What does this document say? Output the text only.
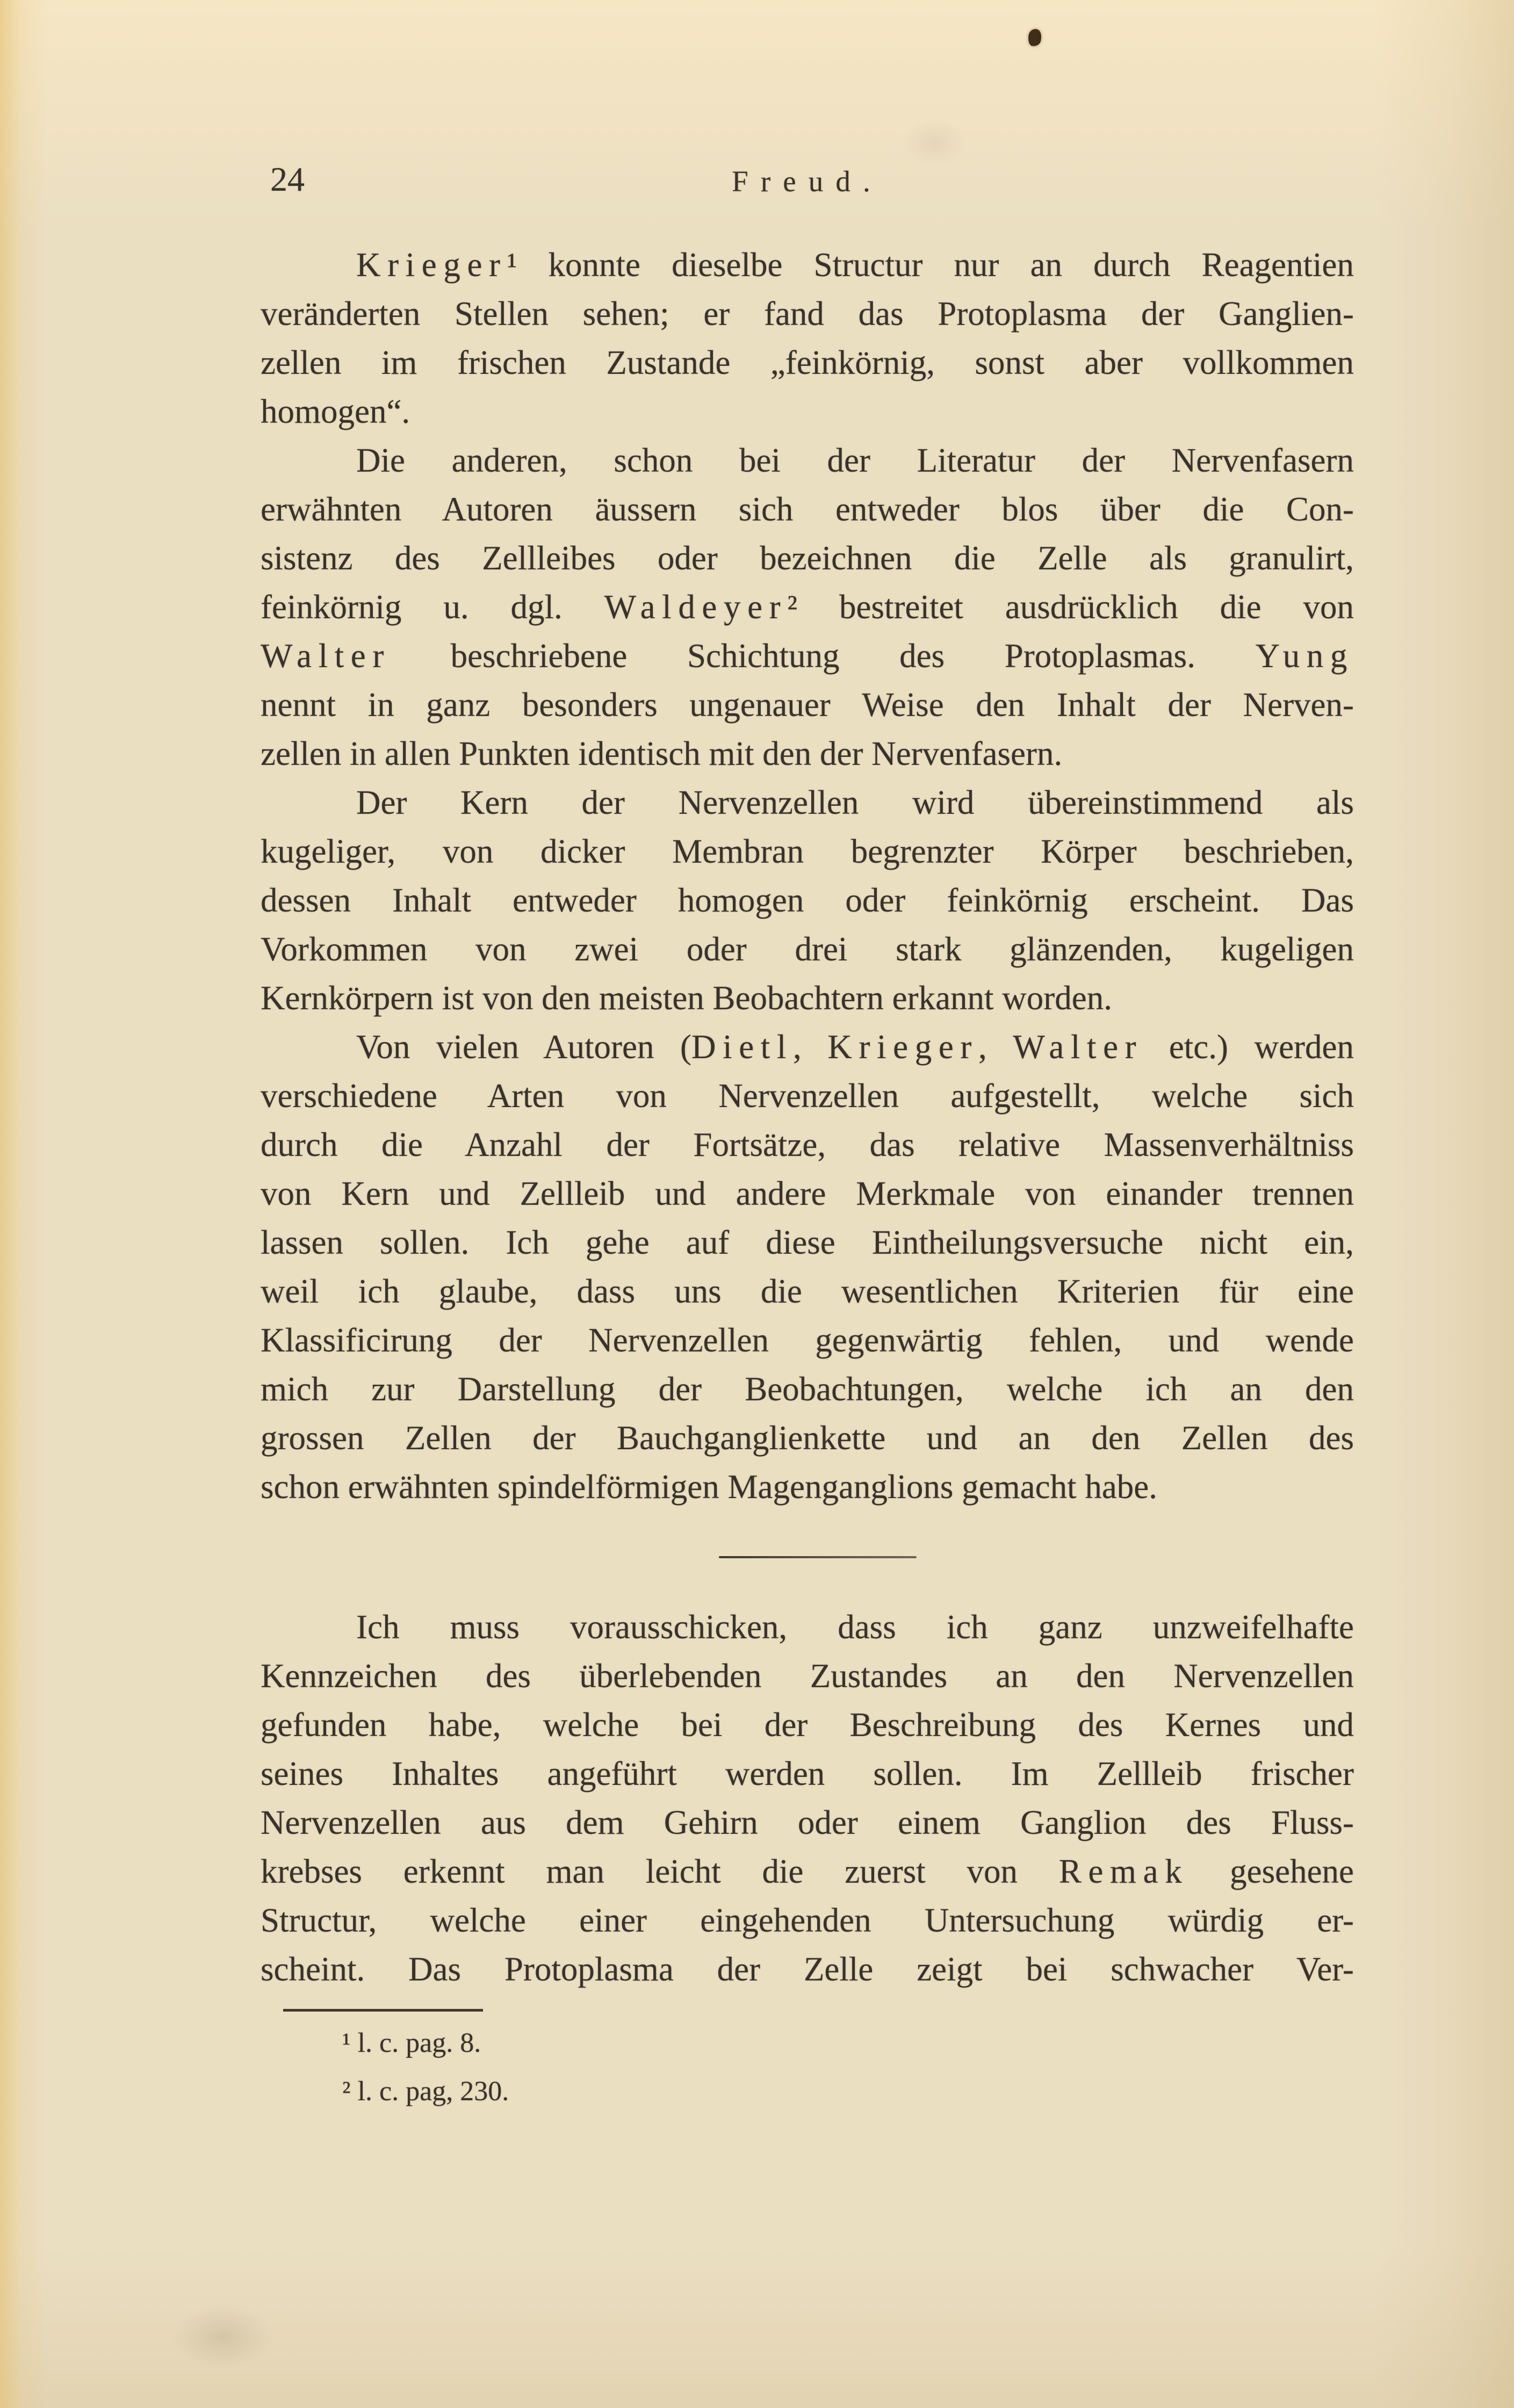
24	Freud.
Krieger¹ konnte dieselbe Structur nur an durch Reagentien
veränderten Stellen sehen; er fand das Protoplasma der Ganglien-
zellen im frischen Zustande „feinkörnig, sonst aber vollkommen
homogen“.
Die anderen, schon bei der Literatur der Nervenfasern
erwähnten Autoren äussern sich entweder blos über die Con-
sistenz des Zellleibes oder bezeichnen die Zelle als granulirt,
feinkörnig u. dgl. Waldeyer² bestreitet ausdrücklich die von
Walter beschriebene Schichtung des Protoplasmas. Yung
nennt in ganz besonders ungenauer Weise den Inhalt der Nerven-
zellen in allen Punkten identisch mit den der Nervenfasern.
Der Kern der Nervenzellen wird übereinstimmend als
kugeliger, von dicker Membran begrenzter Körper beschrieben,
dessen Inhalt entweder homogen oder feinkörnig erscheint. Das
Vorkommen von zwei oder drei stark glänzenden, kugeligen
Kernkörpern ist von den meisten Beobachtern erkannt worden.
Von vielen Autoren (Dietl, Krieger, Walter etc.) werden
verschiedene Arten von Nervenzellen aufgestellt, welche sich
durch die Anzahl der Fortsätze, das relative Massenverhältniss
von Kern und Zellleib und andere Merkmale von einander trennen
lassen sollen. Ich gehe auf diese Eintheilungsversuche nicht ein,
weil ich glaube, dass uns die wesentlichen Kriterien für eine
Klassificirung der Nervenzellen gegenwärtig fehlen, und wende
mich zur Darstellung der Beobachtungen, welche ich an den
grossen Zellen der Bauchganglienkette und an den Zellen des
schon erwähnten spindelförmigen Magenganglions gemacht habe.
Ich muss vorausschicken, dass ich ganz unzweifelhafte
Kennzeichen des überlebenden Zustandes an den Nervenzellen
gefunden habe, welche bei der Beschreibung des Kernes und
seines Inhaltes angeführt werden sollen. Im Zellleib frischer
Nervenzellen aus dem Gehirn oder einem Ganglion des Fluss-
krebses erkennt man leicht die zuerst von Remak gesehene
Structur, welche einer eingehenden Untersuchung würdig er-
scheint. Das Protoplasma der Zelle zeigt bei schwacher Ver-
¹ l. c. pag. 8.
² l. c. pag, 230.
